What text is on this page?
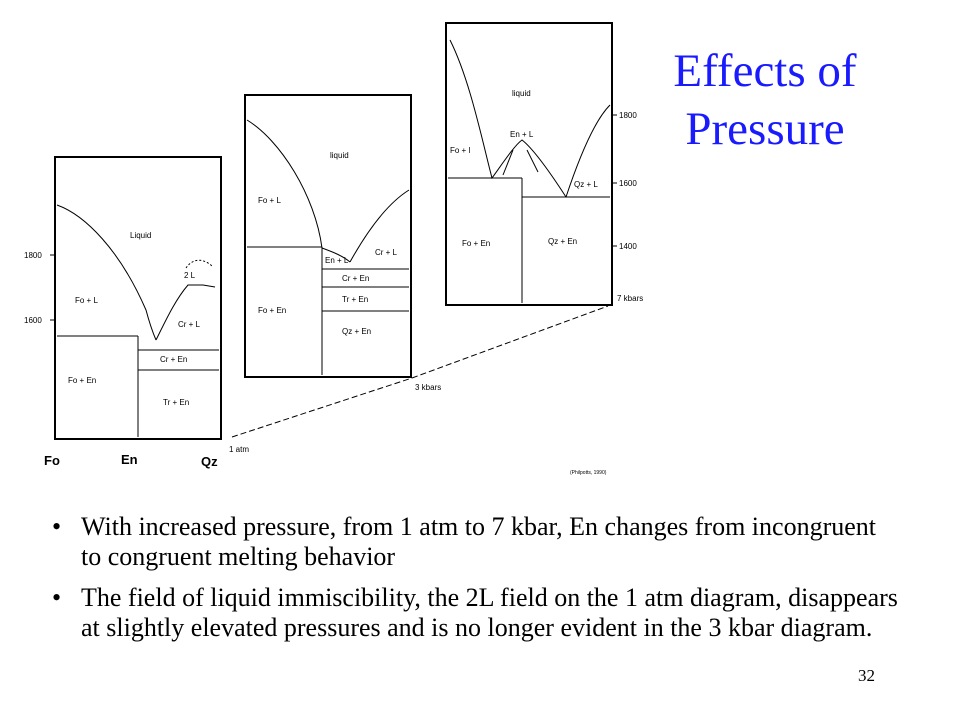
Effects of Pressure
1800
1600
Liquid
2 L
Fo + L
Cr + L
Cr + En
Fo + En
Tr + En
Fo	En	Qz
1 atm
liquid
Fo + L
En + L
Cr + L
Cr + En
Tr + En
Qz + En
Fo + En
3 kbars
1800
1600
1400
liquid
Fo + l
En + L
Qz + L
Fo + En	Qz + En
7 kbars
(Philpotts, 1990)
• With increased pressure, from 1 atm to 7 kbar, En changes from incongruent to congruent melting behavior
• The field of liquid immiscibility, the 2L field on the 1 atm diagram, disappears at slightly elevated pressures and is no longer evident in the 3 kbar diagram.
32
